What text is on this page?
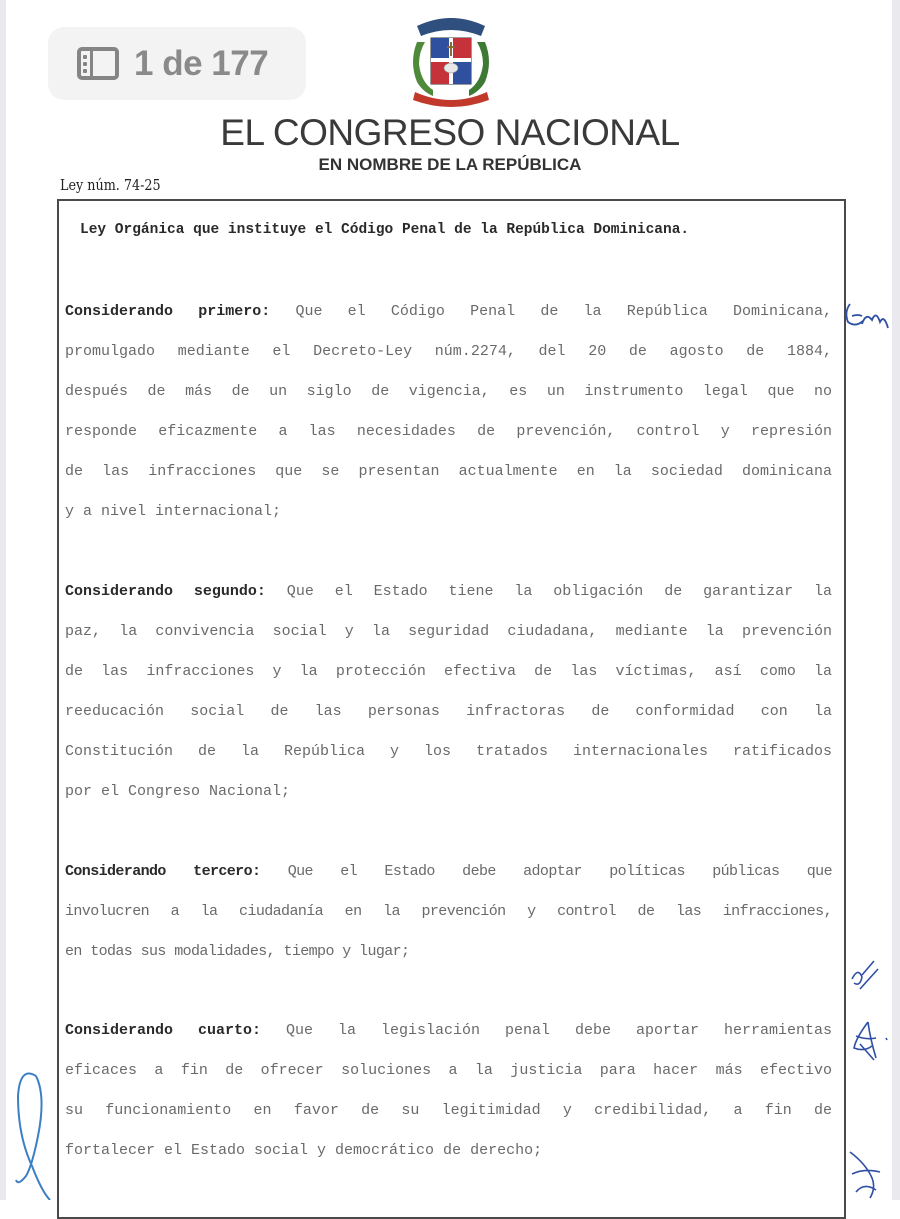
1 de 177
EL CONGRESO NACIONAL
EN NOMBRE DE LA REPÚBLICA
Ley núm. 74-25
Ley Orgánica que instituye el Código Penal de la República Dominicana.
Considerando primero: Que el Código Penal de la República Dominicana,
promulgado mediante el Decreto-Ley núm.2274, del 20 de agosto de 1884,
después de más de un siglo de vigencia, es un instrumento legal que no
responde eficazmente a las necesidades de prevención, control y represión
de las infracciones que se presentan actualmente en la sociedad dominicana
y a nivel internacional;
Considerando segundo: Que el Estado tiene la obligación de garantizar la
paz, la convivencia social y la seguridad ciudadana, mediante la prevención
de las infracciones y la protección efectiva de las víctimas, así como la
reeducación social de las personas infractoras de conformidad con la
Constitución de la República y los tratados internacionales ratificados
por el Congreso Nacional;
Considerando tercero: Que el Estado debe adoptar políticas públicas que
involucren a la ciudadanía en la prevención y control de las infracciones,
en todas sus modalidades, tiempo y lugar;
Considerando cuarto: Que la legislación penal debe aportar herramientas
eficaces a fin de ofrecer soluciones a la justicia para hacer más efectivo
su funcionamiento en favor de su legitimidad y credibilidad, a fin de
fortalecer el Estado social y democrático de derecho;
